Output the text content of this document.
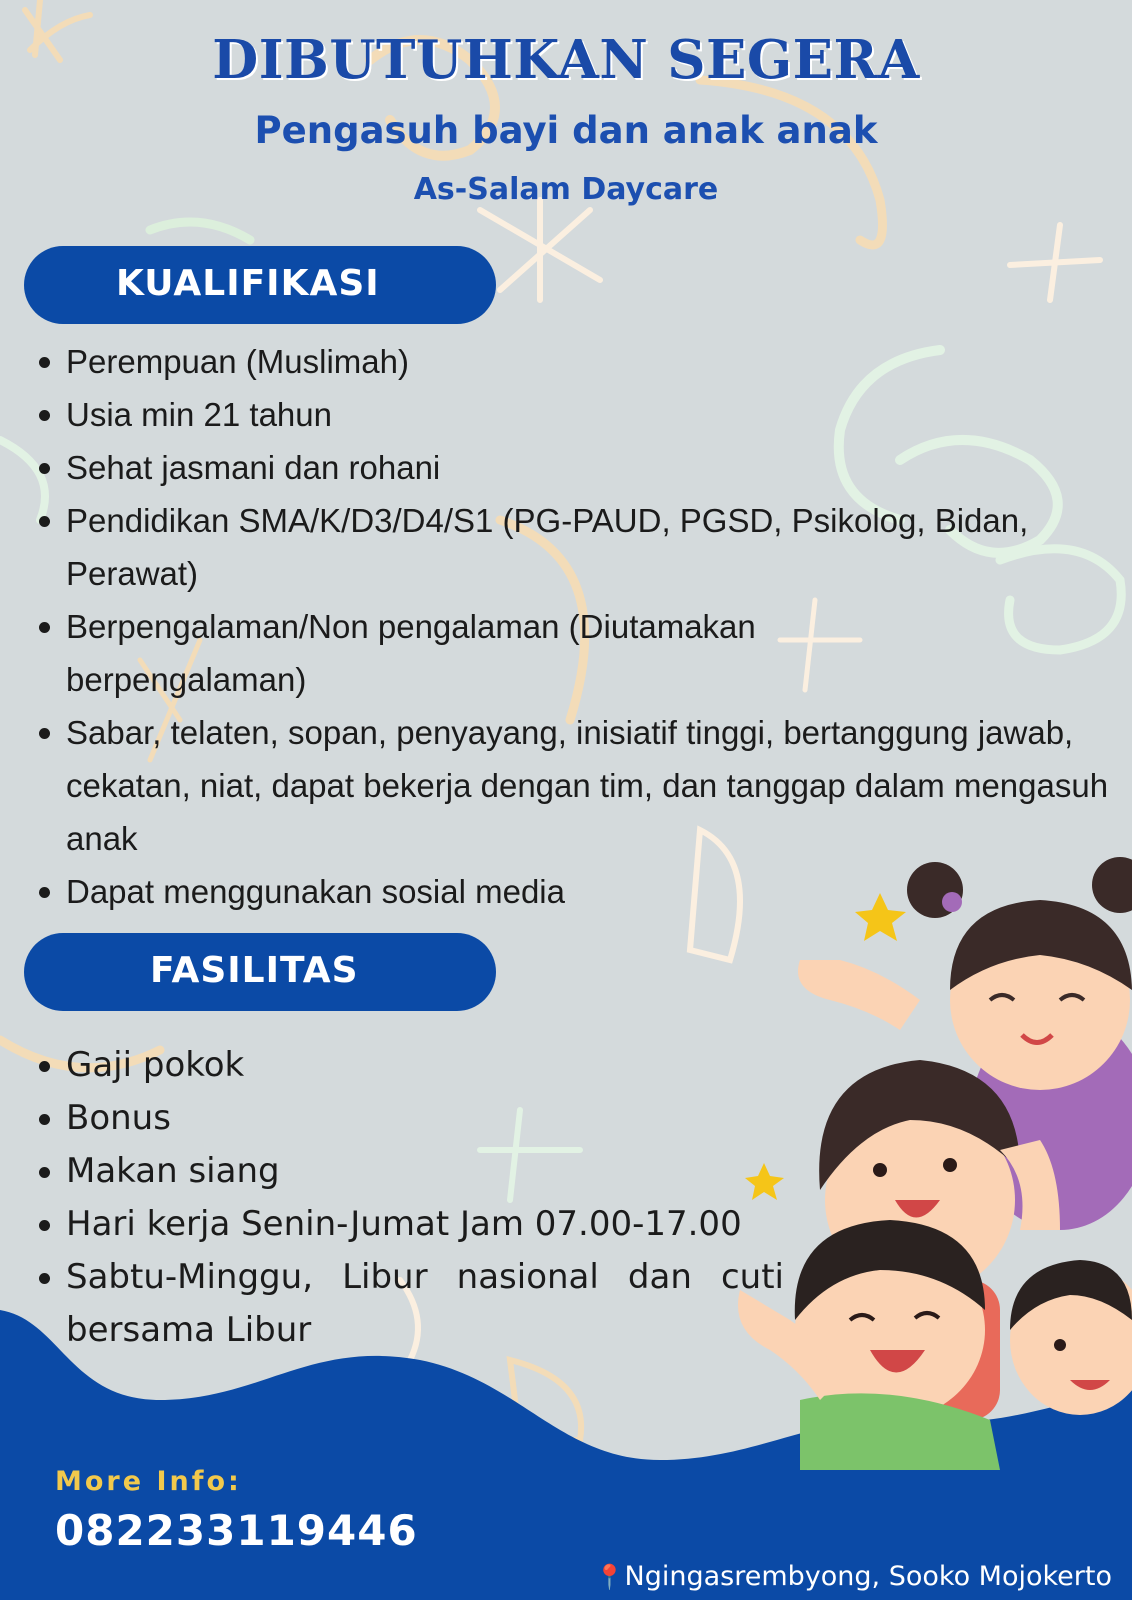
DIBUTUHKAN SEGERA
Pengasuh bayi dan anak anak
As-Salam Daycare
KUALIFIKASI
Perempuan (Muslimah)
Usia min 21 tahun
Sehat jasmani dan rohani
Pendidikan SMA/K/D3/D4/S1 (PG-PAUD, PGSD, Psikolog, Bidan, Perawat)
Berpengalaman/Non pengalaman (Diutamakan berpengalaman)
Sabar, telaten, sopan, penyayang, inisiatif tinggi, bertanggung jawab, cekatan, niat, dapat bekerja dengan tim, dan tanggap dalam mengasuh anak
Dapat menggunakan sosial media
FASILITAS
Gaji pokok
Bonus
Makan siang
Hari kerja Senin-Jumat Jam 07.00-17.00
Sabtu-Minggu, Libur nasional dan cuti bersama Libur

More Info:

082233119446

📍Ngingasrembyong, Sooko Mojokerto
